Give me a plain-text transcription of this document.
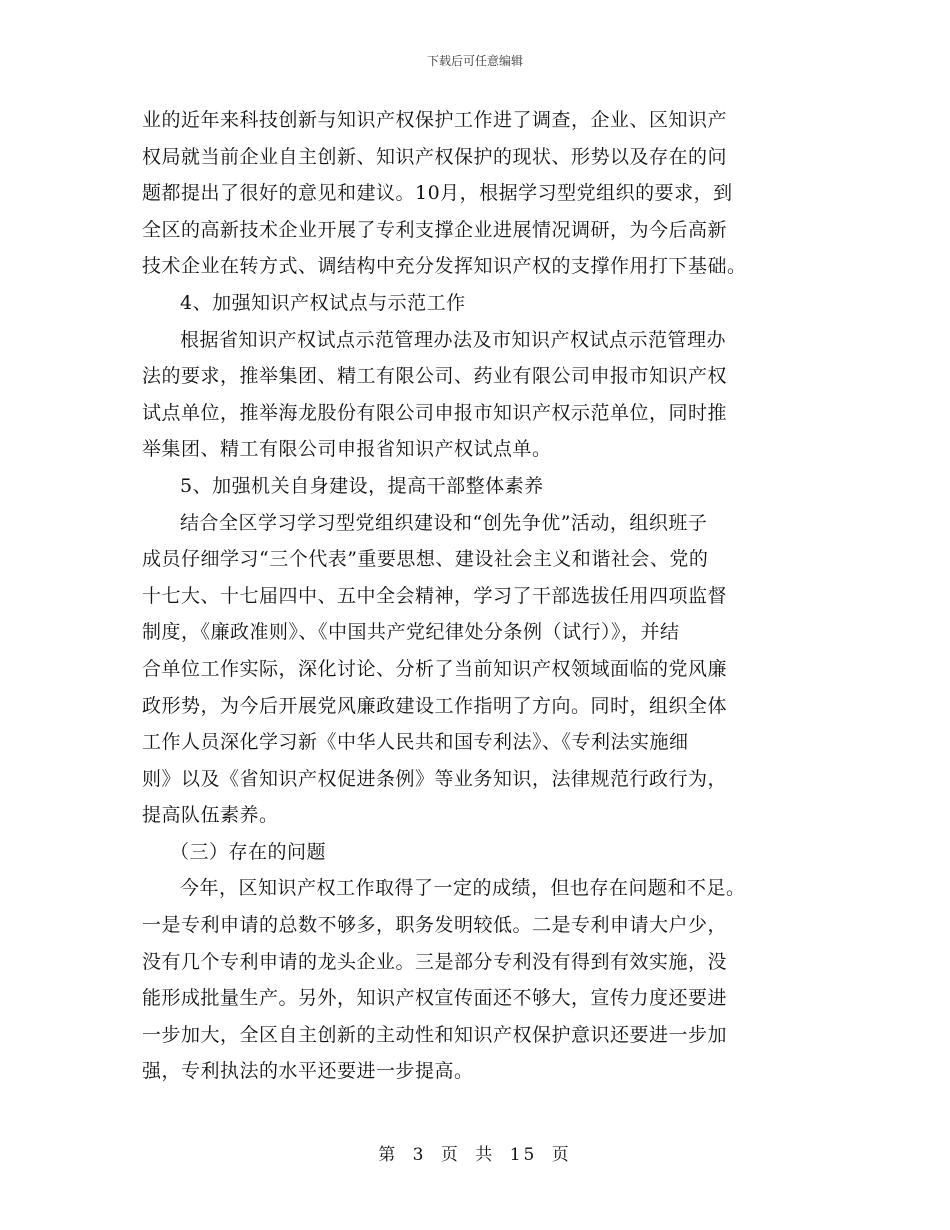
下载后可任意编辑
业的近年来科技创新与知识产权保护工作进了调查，企业、区知识产
权局就当前企业自主创新、知识产权保护的现状、形势以及存在的问
题都提出了很好的意见和建议。10月，根据学习型党组织的要求，到
全区的高新技术企业开展了专利支撑企业进展情况调研，为今后高新
技术企业在转方式、调结构中充分发挥知识产权的支撑作用打下基础。
4、加强知识产权试点与示范工作
根据省知识产权试点示范管理办法及市知识产权试点示范管理办
法的要求，推举集团、精工有限公司、药业有限公司申报市知识产权
试点单位，推举海龙股份有限公司申报市知识产权示范单位，同时推
举集团、精工有限公司申报省知识产权试点单。
5、加强机关自身建设，提高干部整体素养
结合全区学习学习型党组织建设和“创先争优”活动，组织班子
成员仔细学习“三个代表”重要思想、建设社会主义和谐社会、党的
十七大、十七届四中、五中全会精神，学习了干部选拔任用四项监督
制度，《廉政准则》、《中国共产党纪律处分条例（试行）》，并结
合单位工作实际，深化讨论、分析了当前知识产权领域面临的党风廉
政形势，为今后开展党风廉政建设工作指明了方向。同时，组织全体
工作人员深化学习新《中华人民共和国专利法》、《专利法实施细
则》以及《省知识产权促进条例》等业务知识，法律规范行政行为，
提高队伍素养。
（三）存在的问题
今年，区知识产权工作取得了一定的成绩，但也存在问题和不足。
一是专利申请的总数不够多，职务发明较低。二是专利申请大户少，
没有几个专利申请的龙头企业。三是部分专利没有得到有效实施，没
能形成批量生产。另外，知识产权宣传面还不够大，宣传力度还要进
一步加大，全区自主创新的主动性和知识产权保护意识还要进一步加
强，专利执法的水平还要进一步提高。
第 3 页 共 15 页
